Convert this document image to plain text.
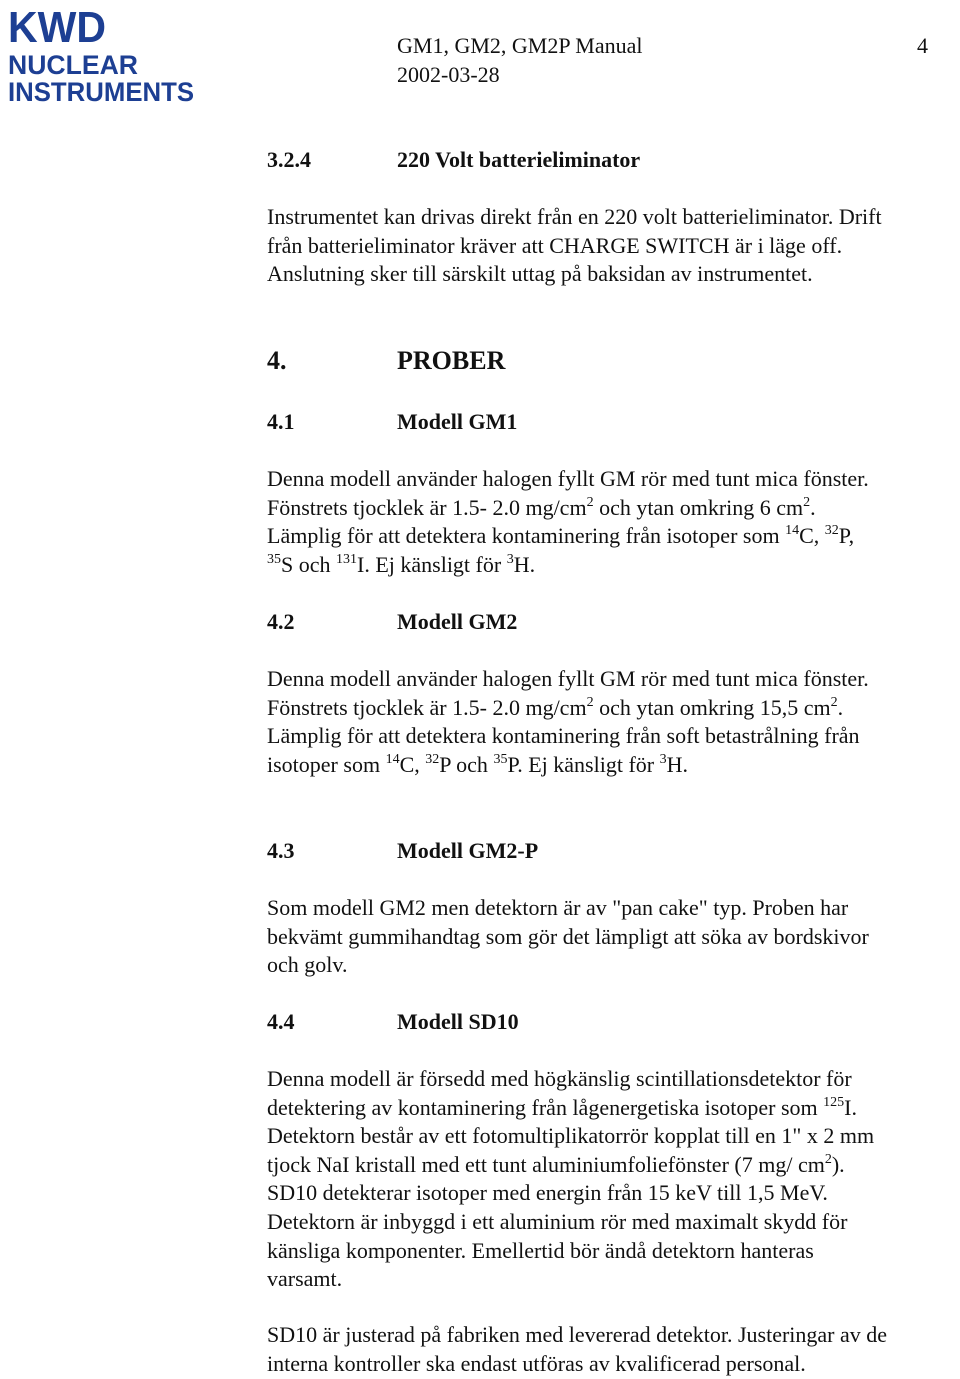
KWD
NUCLEAR
INSTRUMENTS
GM1, GM2, GM2P Manual	4
2002-03-28
3.2.4	220 Volt batterieliminator
Instrumentet kan drivas direkt från en 220 volt batterieliminator. Drift
från batterieliminator kräver att CHARGE SWITCH är i läge off.
Anslutning sker till särskilt uttag på baksidan av instrumentet.
4.	PROBER
4.1	Modell GM1
Denna modell använder halogen fyllt GM rör med tunt mica fönster.
Fönstrets tjocklek är 1.5- 2.0 $mg/cm^2$ och ytan omkring 6 $cm^2$.
Lämplig för att detektera kontaminering från isotoper som $^{14}$C, $^{32}$P,
$^{35}$S och $^{131}$I. Ej känsligt för $^3$H.
4.2	Modell GM2
Denna modell använder halogen fyllt GM rör med tunt mica fönster.
Fönstrets tjocklek är 1.5- 2.0 $mg/cm^2$ och ytan omkring 15,5 $cm^2$.
Lämplig för att detektera kontaminering från soft betastrålning från
isotoper som $^{14}$C, $^{32}$P och $^{35}$P. Ej känsligt för $^3$H.
4.3	Modell GM2-P
Som modell GM2 men detektorn är av "pan cake" typ. Proben har
bekvämt gummihandtag som gör det lämpligt att söka av bordskivor
och golv.
4.4	Modell SD10
Denna modell är försedd med högkänslig scintillationsdetektor för
detektering av kontaminering från lågenergetiska isotoper som $^{125}$I.
Detektorn består av ett fotomultiplikatorrör kopplat till en 1" x 2 mm
tjock NaI kristall med ett tunt aluminiumfoliefönster (7 mg/ $cm^2$).
SD10 detekterar isotoper med energin från 15 keV till 1,5 MeV.
Detektorn är inbyggd i ett aluminium rör med maximalt skydd för
känsliga komponenter. Emellertid bör ändå detektorn hanteras
varsamt.
SD10 är justerad på fabriken med levererad detektor. Justeringar av de
interna kontroller ska endast utföras av kvalificerad personal.
